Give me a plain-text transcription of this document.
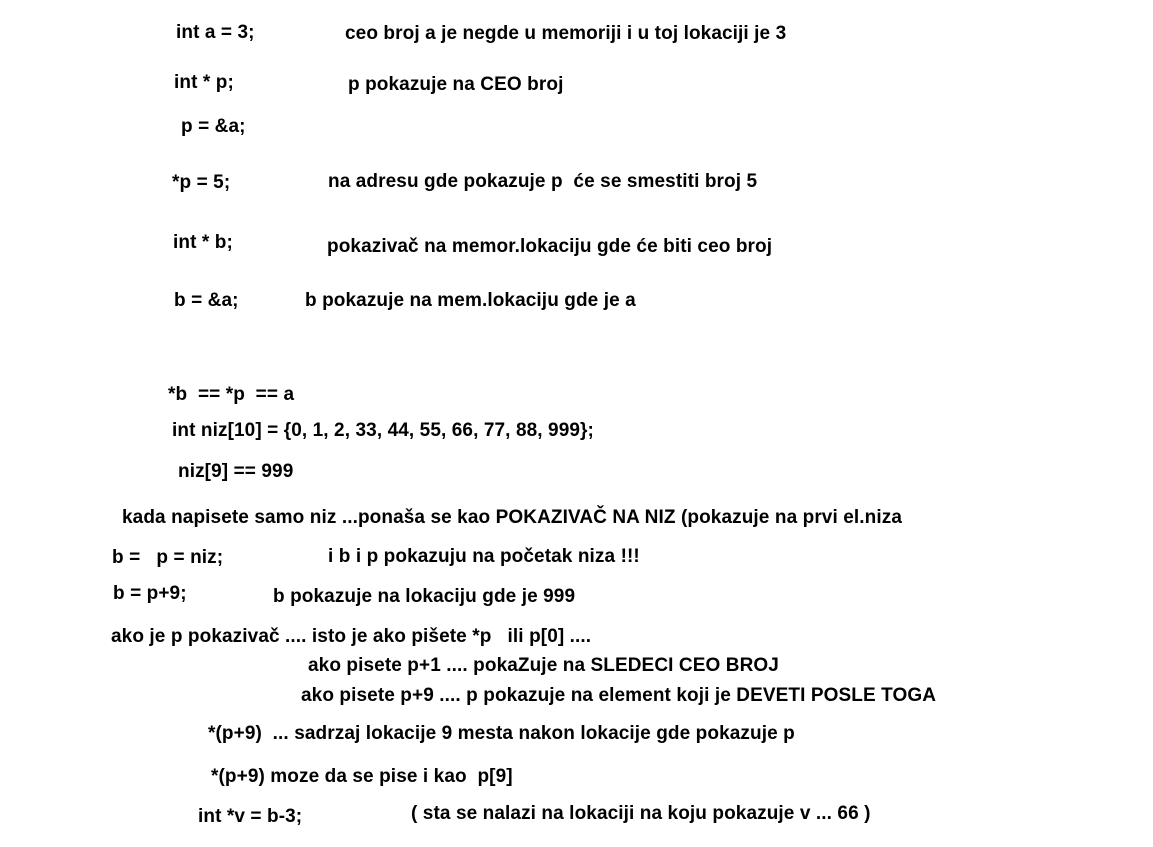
int a = 3;	ceo broj a je negde u memoriji i u toj lokaciji je 3
int * p;	p pokazuje na CEO broj
p = &a;
*p = 5;	na adresu gde pokazuje p  će se smestiti broj 5
int * b;	pokazivač na memor.lokaciju gde će biti ceo broj
b = &a;	b pokazuje na mem.lokaciju gde je a
*b  == *p  == a
int niz[10] = {0, 1, 2, 33, 44, 55, 66, 77, 88, 999};
niz[9] == 999
kada napisete samo niz ...ponaša se kao POKAZIVAČ NA NIZ (pokazuje na prvi el.niza
b =   p = niz;	i b i p pokazuju na početak niza !!!
b = p+9;	b pokazuje na lokaciju gde je 999
ako je p pokazivač .... isto je ako pišete *p   ili p[0] ....
ako pisete p+1 .... pokaZuje na SLEDECI CEO BROJ
ako pisete p+9 .... p pokazuje na element koji je DEVETI POSLE TOGA
*(p+9)  ... sadrzaj lokacije 9 mesta nakon lokacije gde pokazuje p
*(p+9) moze da se pise i kao  p[9]
int *v = b-3;	( sta se nalazi na lokaciji na koju pokazuje v ... 66 )
